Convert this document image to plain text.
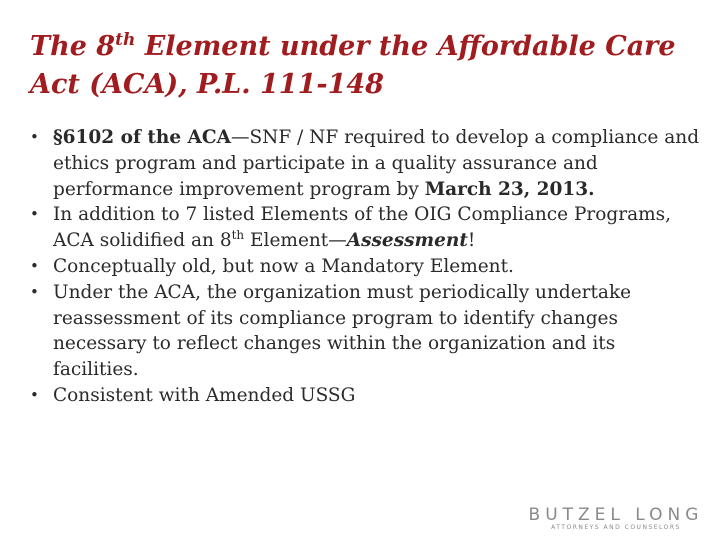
The 8th Element under the Affordable Care Act (ACA), P.L. 111-148
• §6102 of the ACA—SNF / NF required to develop a compliance and ethics program and participate in a quality assurance and performance improvement program by March 23, 2013.
• In addition to 7 listed Elements of the OIG Compliance Programs, ACA solidified an 8th Element—Assessment!
• Conceptually old, but now a Mandatory Element.
• Under the ACA, the organization must periodically undertake reassessment of its compliance program to identify changes necessary to reflect changes within the organization and its facilities.
• Consistent with Amended USSG
BUTZEL LONG
ATTORNEYS AND COUNSELORS
